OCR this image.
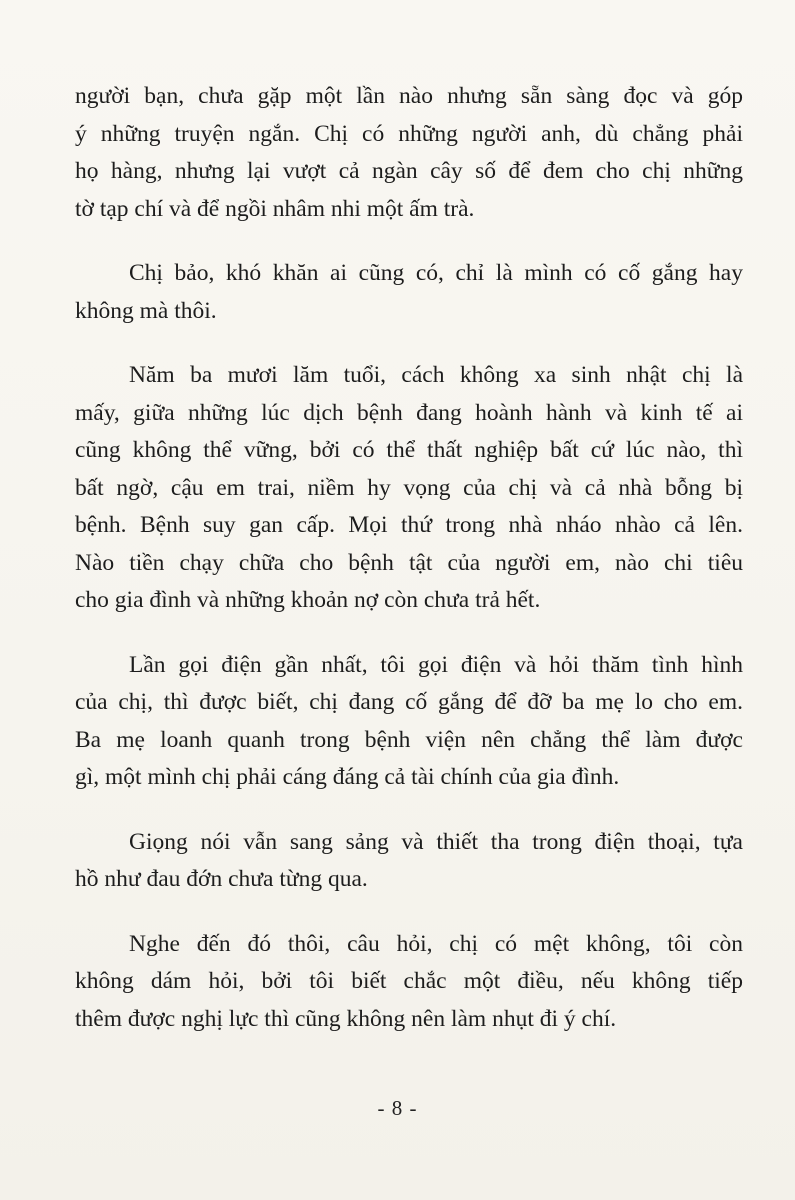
người bạn, chưa gặp một lần nào nhưng sẵn sàng đọc và góp
ý những truyện ngắn. Chị có những người anh, dù chẳng phải
họ hàng, nhưng lại vượt cả ngàn cây số để đem cho chị những
tờ tạp chí và để ngồi nhâm nhi một ấm trà.

Chị bảo, khó khăn ai cũng có, chỉ là mình có cố gắng hay
không mà thôi.

Năm ba mươi lăm tuổi, cách không xa sinh nhật chị là
mấy, giữa những lúc dịch bệnh đang hoành hành và kinh tế ai
cũng không thể vững, bởi có thể thất nghiệp bất cứ lúc nào, thì
bất ngờ, cậu em trai, niềm hy vọng của chị và cả nhà bỗng bị
bệnh. Bệnh suy gan cấp. Mọi thứ trong nhà nháo nhào cả lên.
Nào tiền chạy chữa cho bệnh tật của người em, nào chi tiêu
cho gia đình và những khoản nợ còn chưa trả hết.

Lần gọi điện gần nhất, tôi gọi điện và hỏi thăm tình hình
của chị, thì được biết, chị đang cố gắng để đỡ ba mẹ lo cho em.
Ba mẹ loanh quanh trong bệnh viện nên chẳng thể làm được
gì, một mình chị phải cáng đáng cả tài chính của gia đình.

Giọng nói vẫn sang sảng và thiết tha trong điện thoại, tựa
hồ như đau đớn chưa từng qua.

Nghe đến đó thôi, câu hỏi, chị có mệt không, tôi còn
không dám hỏi, bởi tôi biết chắc một điều, nếu không tiếp
thêm được nghị lực thì cũng không nên làm nhụt đi ý chí.

- 8 -
